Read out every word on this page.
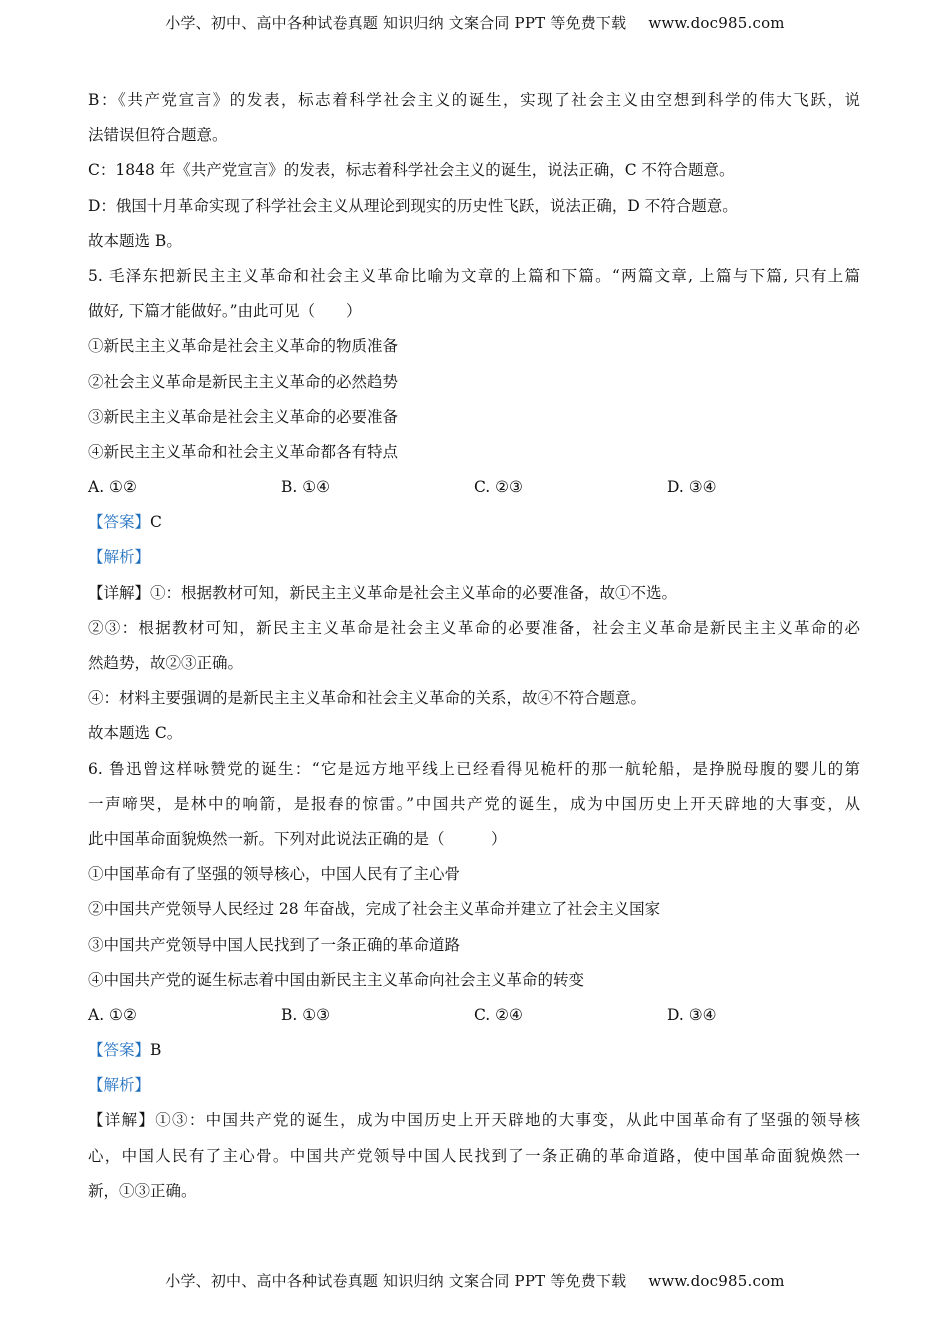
小学、初中、高中各种试卷真题 知识归纳 文案合同 PPT 等免费下载 www.doc985.com
B：《共产党宣言》的发表，标志着科学社会主义的诞生，实现了社会主义由空想到科学的伟大飞跃，说
法错误但符合题意。
C：1848 年《共产党宣言》的发表，标志着科学社会主义的诞生，说法正确，C 不符合题意。
D：俄国十月革命实现了科学社会主义从理论到现实的历史性飞跃，说法正确，D 不符合题意。
故本题选 B。
5. 毛泽东把新民主主义革命和社会主义革命比喻为文章的上篇和下篇。“两篇文章, 上篇与下篇, 只有上篇
做好, 下篇才能做好。”由此可见（　　）
①新民主主义革命是社会主义革命的物质准备
②社会主义革命是新民主主义革命的必然趋势
③新民主主义革命是社会主义革命的必要准备
④新民主主义革命和社会主义革命都各有特点
A. ①②	B. ①④	C. ②③	D. ③④
【答案】C
【解析】
【详解】①：根据教材可知，新民主主义革命是社会主义革命的必要准备，故①不选。
②③：根据教材可知，新民主主义革命是社会主义革命的必要准备，社会主义革命是新民主主义革命的必
然趋势，故②③正确。
④：材料主要强调的是新民主主义革命和社会主义革命的关系，故④不符合题意。
故本题选 C。
6. 鲁迅曾这样咏赞党的诞生：“它是远方地平线上已经看得见桅杆的那一航轮船，是挣脱母腹的婴儿的第
一声啼哭，是林中的响箭，是报春的惊雷。”中国共产党的诞生，成为中国历史上开天辟地的大事变，从
此中国革命面貌焕然一新。下列对此说法正确的是（　　　）
①中国革命有了坚强的领导核心，中国人民有了主心骨
②中国共产党领导人民经过 28 年奋战，完成了社会主义革命并建立了社会主义国家
③中国共产党领导中国人民找到了一条正确的革命道路
④中国共产党的诞生标志着中国由新民主主义革命向社会主义革命的转变
A. ①②	B. ①③	C. ②④	D. ③④
【答案】B
【解析】
【详解】①③：中国共产党的诞生，成为中国历史上开天辟地的大事变，从此中国革命有了坚强的领导核
心，中国人民有了主心骨。中国共产党领导中国人民找到了一条正确的革命道路，使中国革命面貌焕然一
新，①③正确。
小学、初中、高中各种试卷真题 知识归纳 文案合同 PPT 等免费下载 www.doc985.com
